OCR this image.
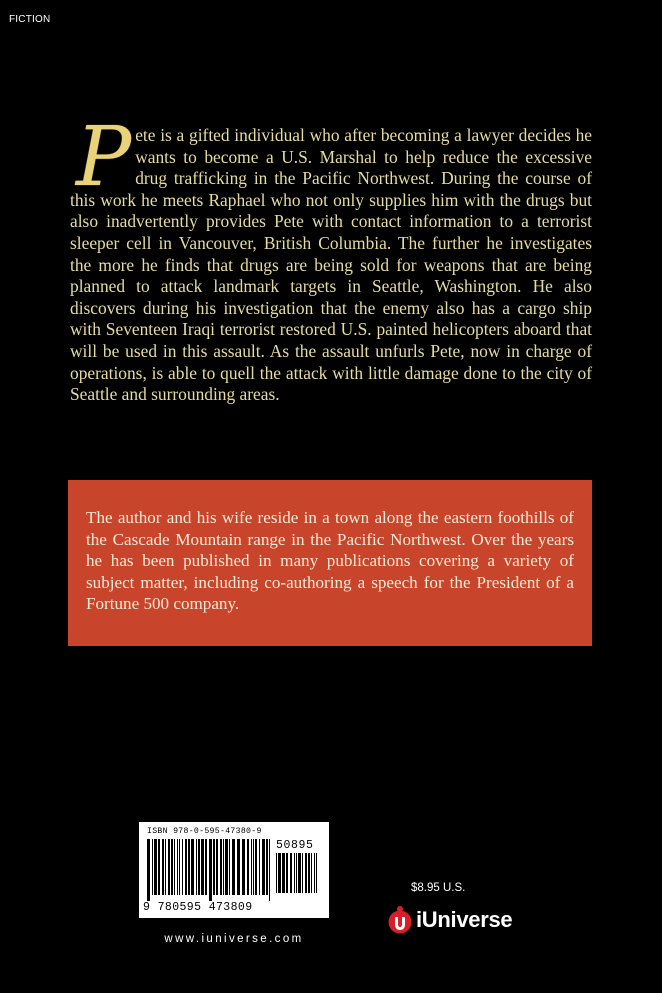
FICTION

Pete is a gifted individual who after becoming a lawyer decides he wants to become a U.S. Marshal to help reduce the excessive drug trafficking in the Pacific Northwest. During the course of this work he meets Raphael who not only supplies him with the drugs but also inadvertently provides Pete with contact information to a terrorist sleeper cell in Vancouver, British Columbia. The further he investigates the more he finds that drugs are being sold for weapons that are being planned to attack landmark targets in Seattle, Washington. He also discovers during his investigation that the enemy also has a cargo ship with Seventeen Iraqi terrorist restored U.S. painted helicopters aboard that will be used in this assault. As the assault unfurls Pete, now in charge of operations, is able to quell the attack with little damage done to the city of Seattle and surrounding areas.

The author and his wife reside in a town along the eastern foothills of the Cascade Mountain range in the Pacific Northwest. Over the years he has been published in many publications covering a variety of subject matter, including co-authoring a speech for the President of a Fortune 500 company.

ISBN 978-0-595-47380-9
9 780595 473809
50895
www.iuniverse.com
$8.95 U.S.
iUniverse
